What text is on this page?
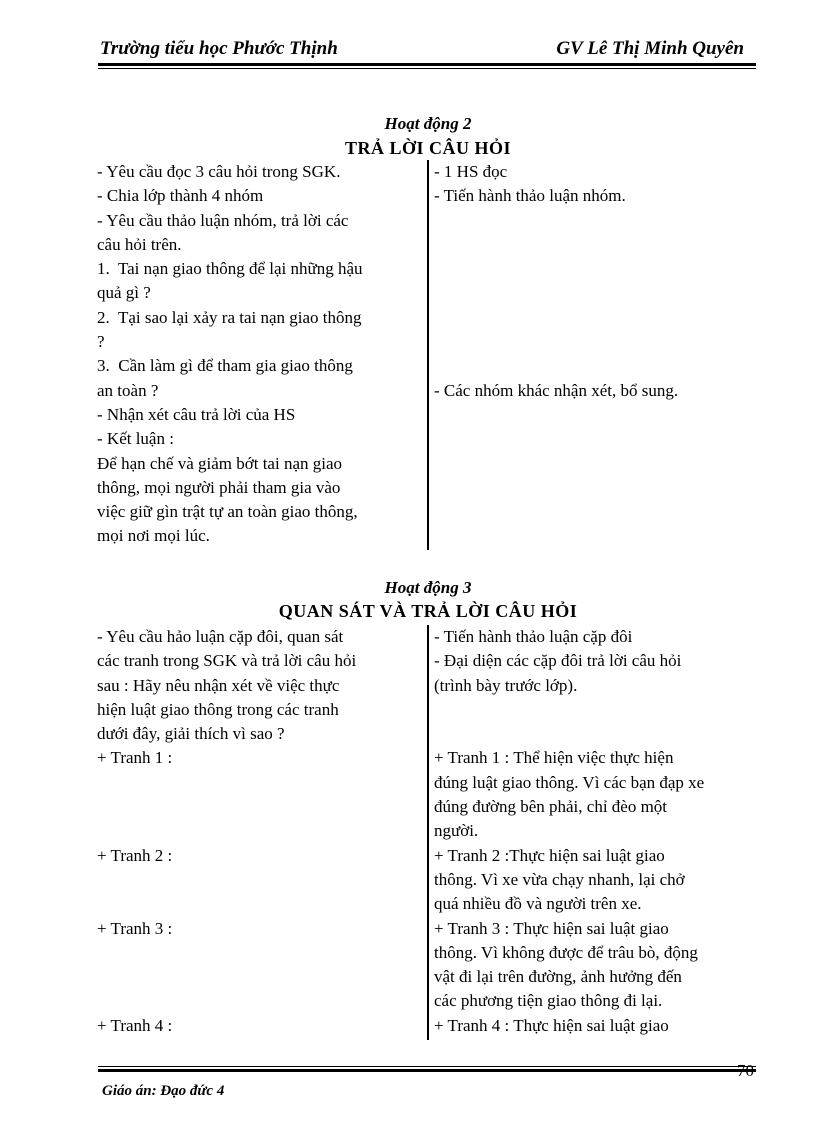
Trường tiểu học Phước Thịnh	GV Lê Thị Minh Quyên
Hoạt động 2
TRẢ LỜI CÂU HỎI
- Yêu cầu đọc 3 câu hỏi trong SGK.
- Chia lớp thành 4 nhóm
- Yêu cầu thảo luận nhóm, trả lời các
câu hỏi trên.
1.  Tai nạn giao thông để lại những hậu
quả gì ?
2.  Tại sao lại xảy ra tai nạn giao thông
?
3.  Cần làm gì để tham gia giao thông
an toàn ?
- Nhận xét câu trả lời của HS
- Kết luận :
Để hạn chế và giảm bớt tai nạn giao
thông, mọi người phải tham gia vào
việc giữ gìn trật tự an toàn giao thông,
mọi nơi mọi lúc.
- 1 HS đọc
- Tiến hành thảo luận nhóm.
- Các nhóm khác nhận xét, bổ sung.
Hoạt động 3
QUAN SÁT VÀ TRẢ LỜI CÂU HỎI
- Yêu cầu hảo luận cặp đôi, quan sát
các tranh trong SGK và trả lời câu hỏi
sau : Hãy nêu nhận xét về việc thực
hiện luật giao thông trong các tranh
dưới đây, giải thích vì sao ?
+ Tranh 1 :
+ Tranh 2 :
+ Tranh 3 :
+ Tranh 4 :
- Tiến hành thảo luận cặp đôi
- Đại diện các cặp đôi trả lời câu hỏi
(trình bày trước lớp).
+ Tranh 1 : Thể hiện việc thực hiện
đúng luật giao thông. Vì các bạn đạp xe
đúng đường bên phải, chỉ đèo một
người.
+ Tranh 2 :Thực hiện sai luật giao
thông. Vì xe vừa chạy nhanh, lại chở
quá nhiều đồ và người trên xe.
+ Tranh 3 : Thực hiện sai luật giao
thông. Vì không được để trâu bò, động
vật đi lại trên đường, ảnh hưởng đến
các phương tiện giao thông đi lại.
+ Tranh 4 : Thực hiện sai luật giao
70
Giáo án: Đạo đức 4
